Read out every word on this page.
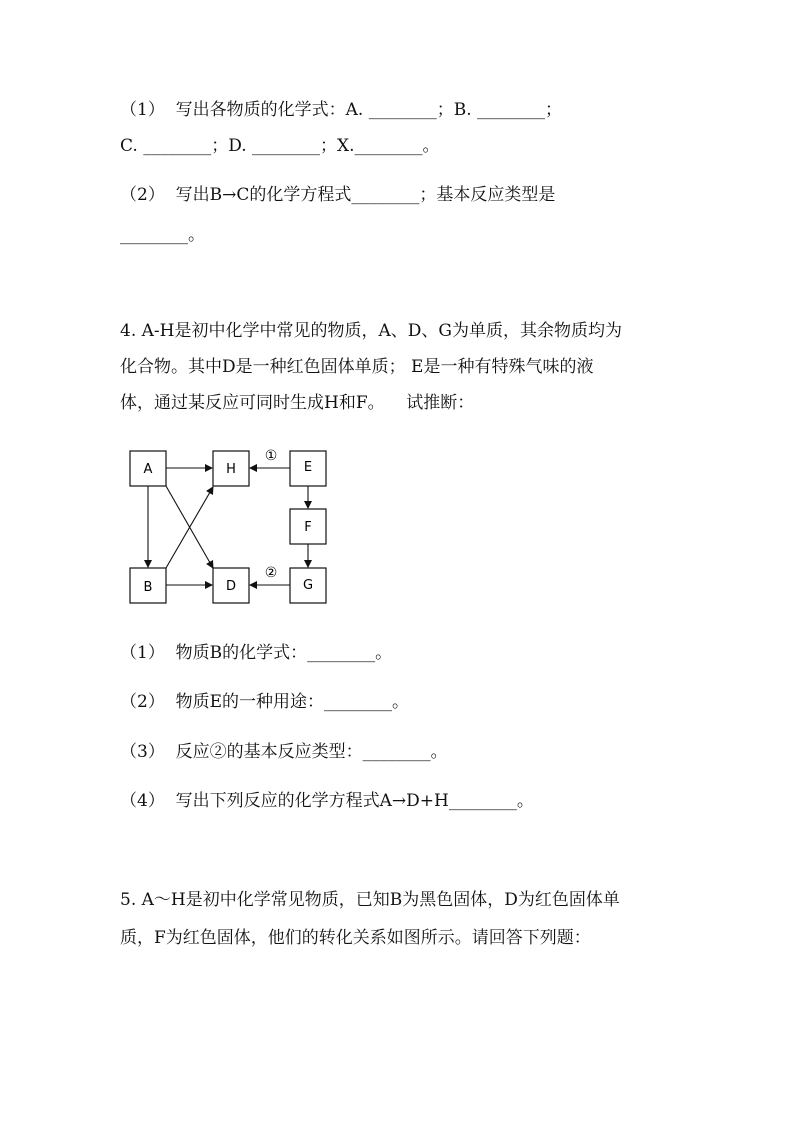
（1）  写出各物质的化学式：A. ________；B. ________；
C. ________；D. ________；X.________。
（2）  写出B→C的化学方程式________；基本反应类型是
________。
4. A-H是初中化学中常见的物质，A、D、G为单质，其余物质均为
化合物。其中D是一种红色固体单质； E是一种有特殊气味的液
体，通过某反应可同时生成H和F。    试推断：
A	H	E
F
B	D	G
①
②
（1）  物质B的化学式：________。
（2）  物质E的一种用途：________。
（3）  反应②的基本反应类型：________。
（4）  写出下列反应的化学方程式A→D+H________。
5. A～H是初中化学常见物质，已知B为黑色固体，D为红色固体单
质，F为红色固体，他们的转化关系如图所示。请回答下列题：
